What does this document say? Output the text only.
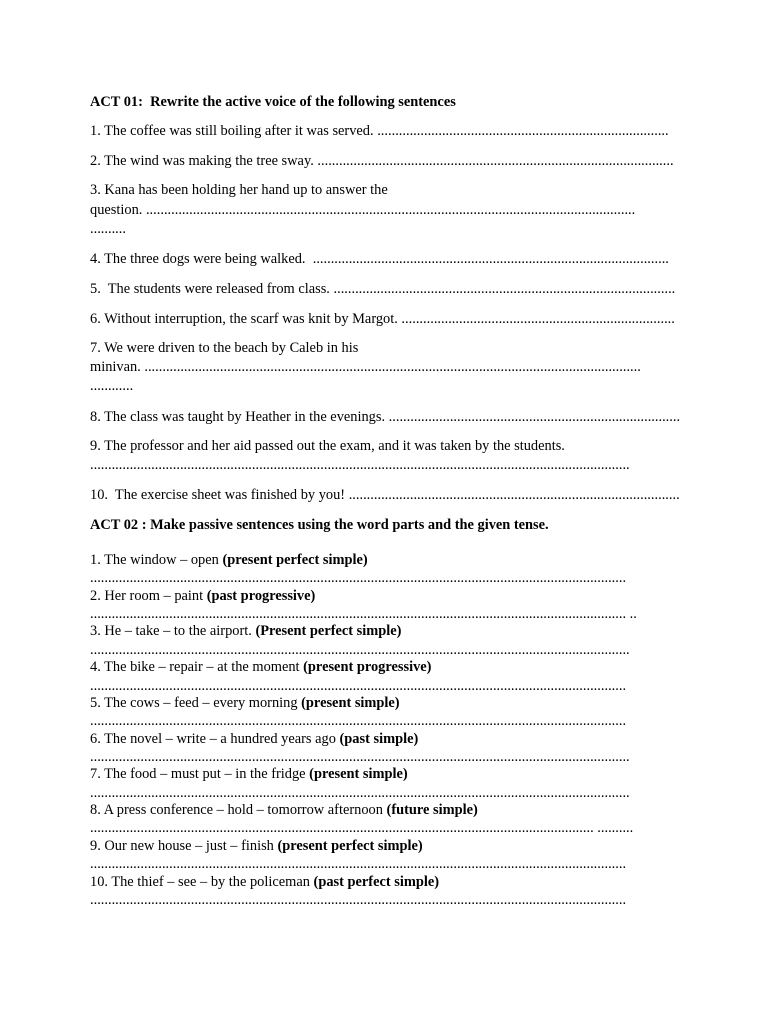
ACT 01:  Rewrite the active voice of the following sentences

1. The coffee was still boiling after it was served. .................................................................................

2. The wind was making the tree sway. ...................................................................................................

3. Kana has been holding her hand up to answer the

question. ........................................................................................................................................

..........

4. The three dogs were being walked.  ...................................................................................................

5.  The students were released from class. ...............................................................................................

6. Without interruption, the scarf was knit by Margot. ............................................................................

7. We were driven to the beach by Caleb in his

minivan. ..........................................................................................................................................

............

8. The class was taught by Heather in the evenings. .................................................................................

9. The professor and her aid passed out the exam, and it was taken by the students.

......................................................................................................................................................

10.  The exercise sheet was finished by you! ............................................................................................

ACT 02 : Make passive sentences using the word parts and the given tense.

1. The window – open (present perfect simple)

.....................................................................................................................................................

2. Her room – paint (past progressive)

..................................................................................................................................................... ..

3. He – take – to the airport. (Present perfect simple)

......................................................................................................................................................

4. The bike – repair – at the moment (present progressive)

.....................................................................................................................................................

5. The cows – feed – every morning (present simple)

.....................................................................................................................................................

6. The novel – write – a hundred years ago (past simple)

......................................................................................................................................................

7. The food – must put – in the fridge (present simple)

......................................................................................................................................................

8. A press conference – hold – tomorrow afternoon (future simple)

............................................................................................................................................ ..........

9. Our new house – just – finish (present perfect simple)

.....................................................................................................................................................

10. The thief – see – by the policeman (past perfect simple)

.....................................................................................................................................................
